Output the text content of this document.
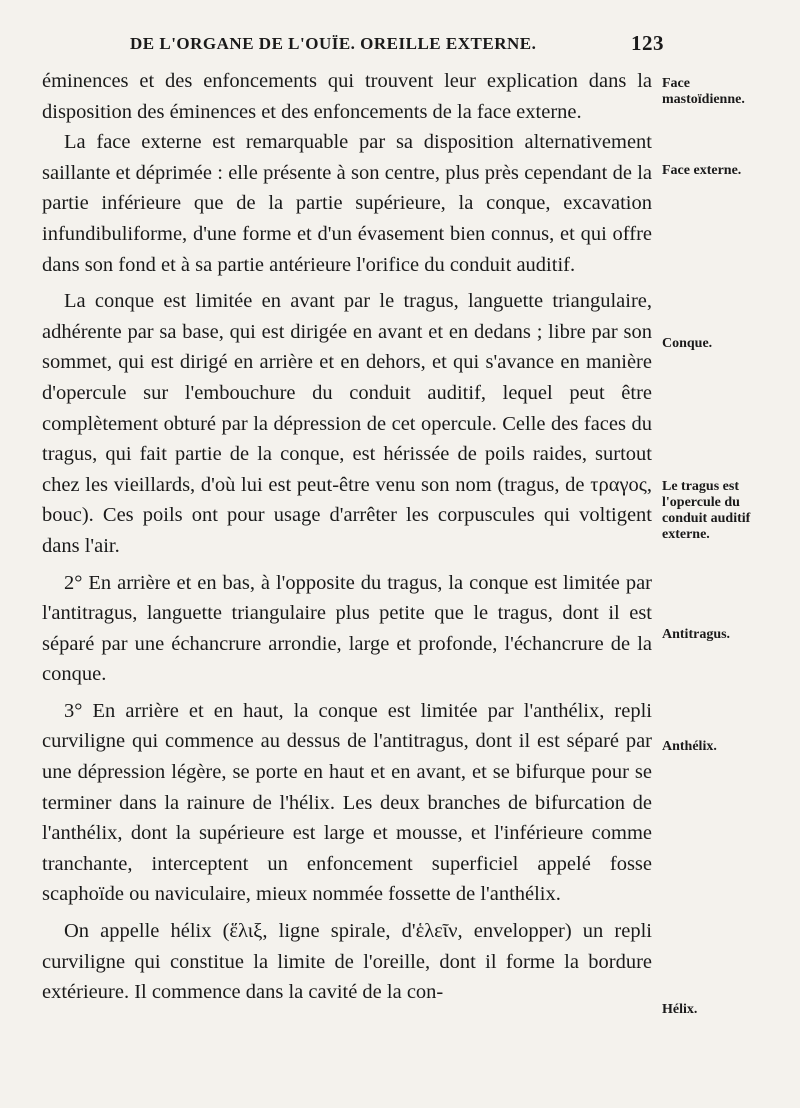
DE L'ORGANE DE L'OUÏE. OREILLE EXTERNE.	123

éminences et des enfoncements qui trouvent leur explication dans la disposition des éminences et des enfoncements de la face externe.

La face externe est remarquable par sa disposition alternativement saillante et déprimée : elle présente à son centre, plus près cependant de la partie inférieure que de la partie supérieure, la conque, excavation infundibuliforme, d'une forme et d'un évasement bien connus, et qui offre dans son fond et à sa partie antérieure l'orifice du conduit auditif.

La conque est limitée en avant par le tragus, languette triangulaire, adhérente par sa base, qui est dirigée en avant et en dedans ; libre par son sommet, qui est dirigé en arrière et en dehors, et qui s'avance en manière d'opercule sur l'embouchure du conduit auditif, lequel peut être complètement obturé par la dépression de cet opercule. Celle des faces du tragus, qui fait partie de la conque, est hérissée de poils raides, surtout chez les vieillards, d'où lui est peut-être venu son nom (tragus, de τραγος, bouc). Ces poils ont pour usage d'arrêter les corpuscules qui voltigent dans l'air.

2° En arrière et en bas, à l'opposite du tragus, la conque est limitée par l'antitragus, languette triangulaire plus petite que le tragus, dont il est séparé par une échancrure arrondie, large et profonde, l'échancrure de la conque.

3° En arrière et en haut, la conque est limitée par l'anthélix, repli curviligne qui commence au dessus de l'antitragus, dont il est séparé par une dépression légère, se porte en haut et en avant, et se bifurque pour se terminer dans la rainure de l'hélix. Les deux branches de bifurcation de l'anthélix, dont la supérieure est large et mousse, et l'inférieure comme tranchante, interceptent un enfoncement superficiel appelé fosse scaphoïde ou naviculaire, mieux nommée fossette de l'anthélix.

On appelle hélix (ἕλιξ, ligne spirale, d'ἑλεῖν, envelopper) un repli curviligne qui constitue la limite de l'oreille, dont il forme la bordure extérieure. Il commence dans la cavité de la con-

Face mastoïdienne.
Face externe.
Conque.
Le tragus est l'opercule du conduit auditif externe.
Antitragus.
Anthélix.
Hélix.
